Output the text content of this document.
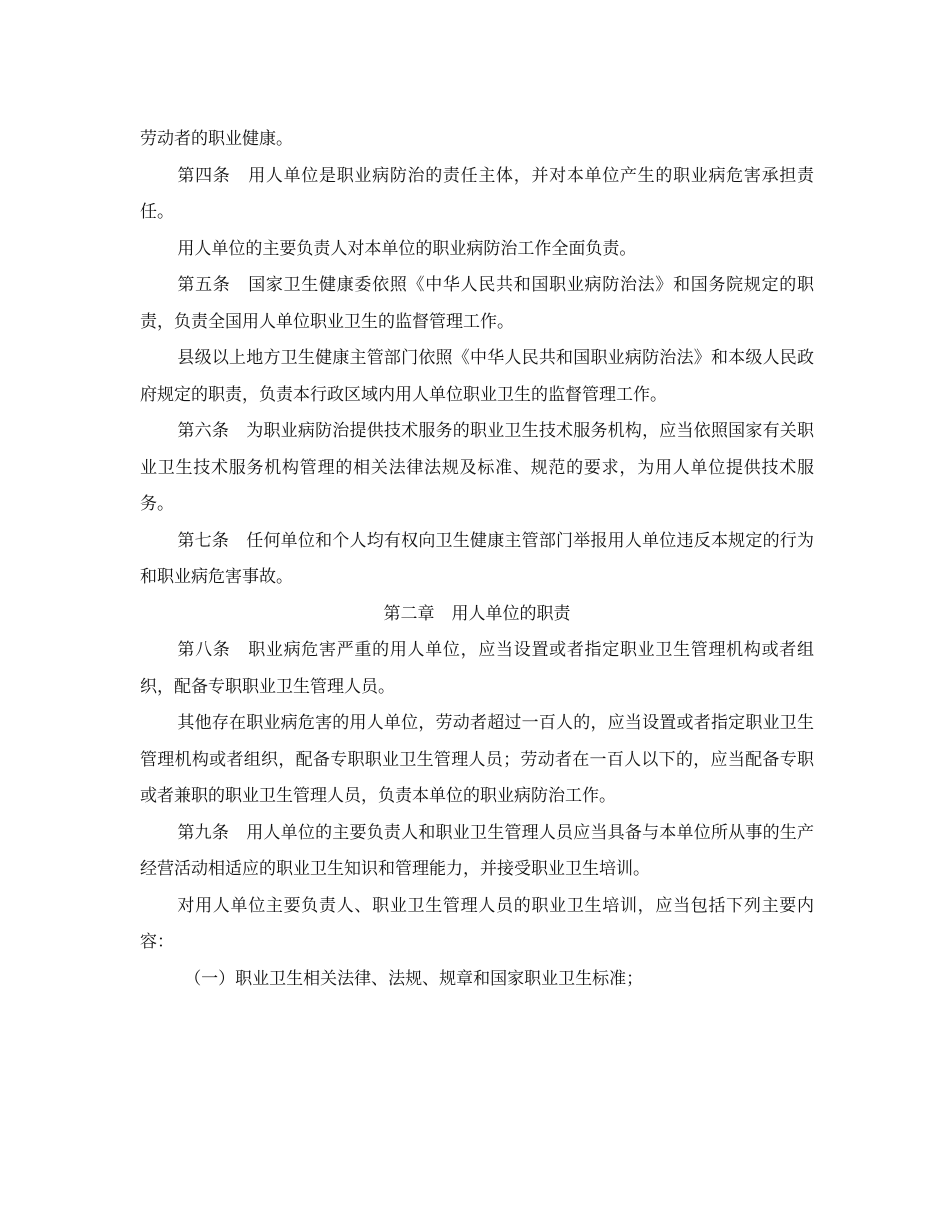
劳动者的职业健康。

第四条　用人单位是职业病防治的责任主体，并对本单位产生的职业病危害承担责任。

用人单位的主要负责人对本单位的职业病防治工作全面负责。

第五条　国家卫生健康委依照《中华人民共和国职业病防治法》和国务院规定的职责，负责全国用人单位职业卫生的监督管理工作。

县级以上地方卫生健康主管部门依照《中华人民共和国职业病防治法》和本级人民政府规定的职责，负责本行政区域内用人单位职业卫生的监督管理工作。

第六条　为职业病防治提供技术服务的职业卫生技术服务机构，应当依照国家有关职业卫生技术服务机构管理的相关法律法规及标准、规范的要求，为用人单位提供技术服务。

第七条　任何单位和个人均有权向卫生健康主管部门举报用人单位违反本规定的行为和职业病危害事故。

第二章　用人单位的职责

第八条　职业病危害严重的用人单位，应当设置或者指定职业卫生管理机构或者组织，配备专职职业卫生管理人员。

其他存在职业病危害的用人单位，劳动者超过一百人的，应当设置或者指定职业卫生管理机构或者组织，配备专职职业卫生管理人员；劳动者在一百人以下的，应当配备专职或者兼职的职业卫生管理人员，负责本单位的职业病防治工作。

第九条　用人单位的主要负责人和职业卫生管理人员应当具备与本单位所从事的生产经营活动相适应的职业卫生知识和管理能力，并接受职业卫生培训。

对用人单位主要负责人、职业卫生管理人员的职业卫生培训，应当包括下列主要内容：

（一）职业卫生相关法律、法规、规章和国家职业卫生标准；
